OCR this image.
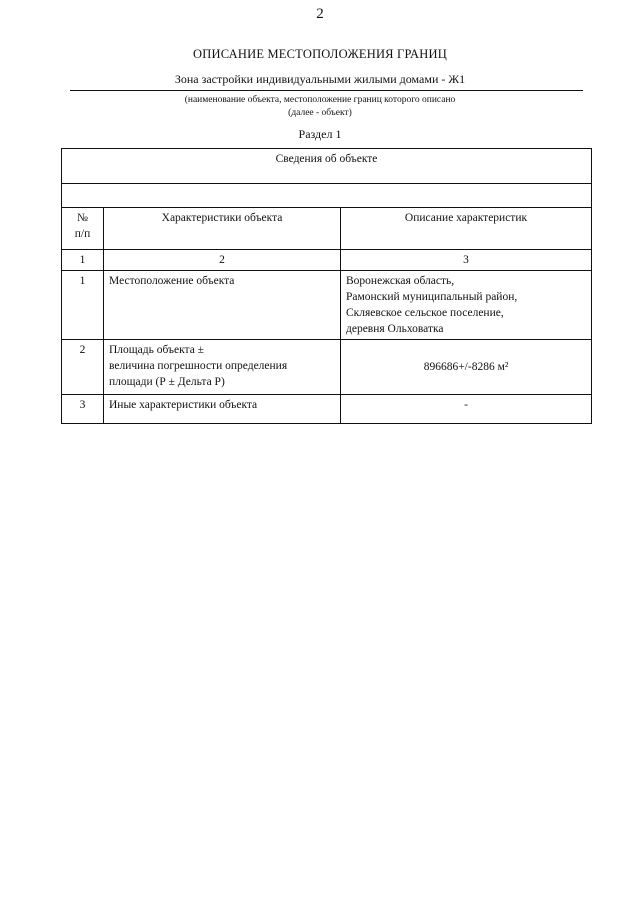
2
ОПИСАНИЕ МЕСТОПОЛОЖЕНИЯ ГРАНИЦ
Зона застройки индивидуальными жилыми домами - Ж1
(наименование объекта, местоположение границ которого описано
(далее - объект)
Раздел 1
Сведения об объекте		

№
п/п	Характеристики объекта	Описание характеристик
1	2	3
1	Местоположение объекта	Воронежская область,
Рамонский муниципальный район,
Скляевское сельское поселение,
деревня Ольховатка

2	Площадь объекта ±
величина погрешности определения
площади (Р ± Дельта Р)	896686+/-8286 м²

3	Иные характеристики объекта	-
